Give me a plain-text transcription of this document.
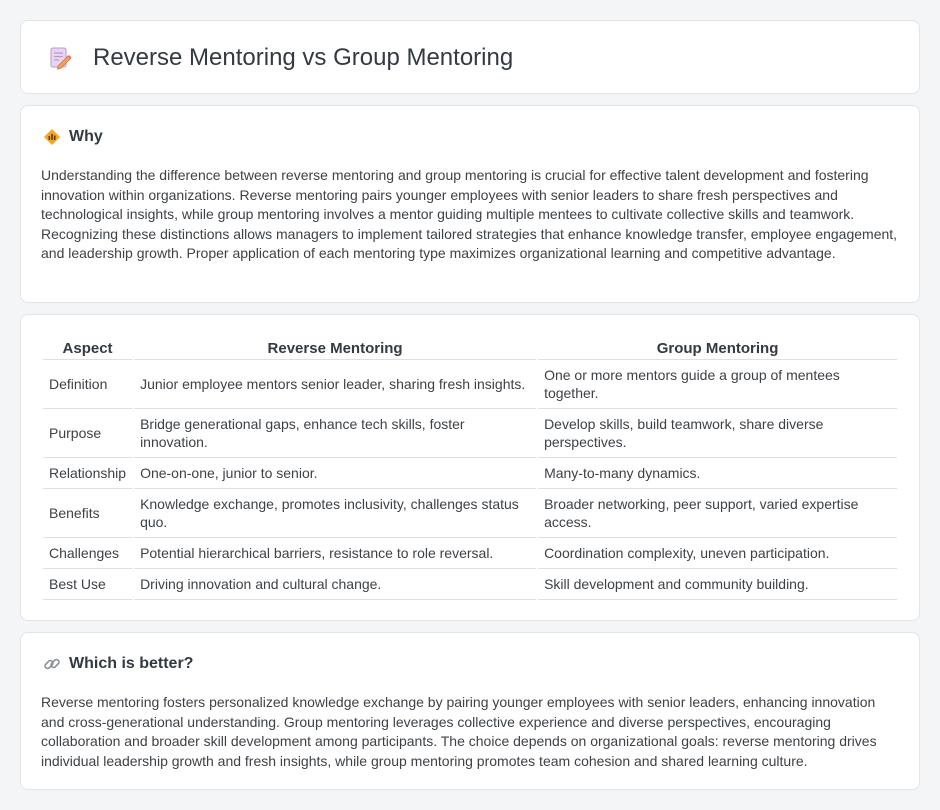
Reverse Mentoring vs Group Mentoring
Why

Understanding the difference between reverse mentoring and group mentoring is crucial for effective talent development and fostering innovation within organizations. Reverse mentoring pairs younger employees with senior leaders to share fresh perspectives and technological insights, while group mentoring involves a mentor guiding multiple mentees to cultivate collective skills and teamwork. Recognizing these distinctions allows managers to implement tailored strategies that enhance knowledge transfer, employee engagement, and leadership growth. Proper application of each mentoring type maximizes organizational learning and competitive advantage.

Aspect	Reverse Mentoring	Group Mentoring
Definition	Junior employee mentors senior leader, sharing fresh insights.	One or more mentors guide a group of mentees together.
Purpose	Bridge generational gaps, enhance tech skills, foster innovation.	Develop skills, build teamwork, share diverse perspectives.
Relationship	One-on-one, junior to senior.	Many-to-many dynamics.
Benefits	Knowledge exchange, promotes inclusivity, challenges status quo.	Broader networking, peer support, varied expertise access.
Challenges	Potential hierarchical barriers, resistance to role reversal.	Coordination complexity, uneven participation.
Best Use	Driving innovation and cultural change.	Skill development and community building.
Which is better?

Reverse mentoring fosters personalized knowledge exchange by pairing younger employees with senior leaders, enhancing innovation and cross-generational understanding. Group mentoring leverages collective experience and diverse perspectives, encouraging collaboration and broader skill development among participants. The choice depends on organizational goals: reverse mentoring drives individual leadership growth and fresh insights, while group mentoring promotes team cohesion and shared learning culture.
